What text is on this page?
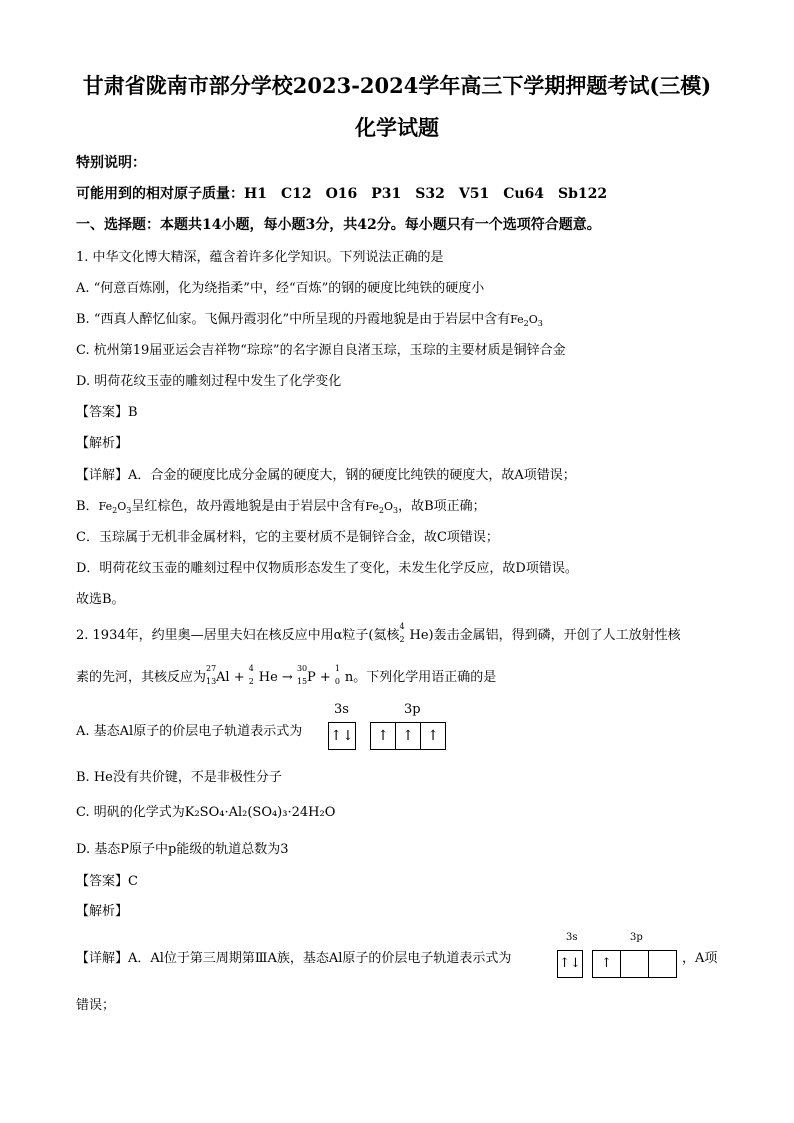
甘肃省陇南市部分学校2023-2024学年高三下学期押题考试(三模)
化学试题
特别说明：
可能用到的相对原子质量：H1　C12　O16　P31　S32　V51　Cu64　Sb122
一、选择题：本题共14小题，每小题3分，共42分。每小题只有一个选项符合题意。
1. 中华文化博大精深，蕴含着许多化学知识。下列说法正确的是
A. “何意百炼刚，化为绕指柔”中，经“百炼”的钢的硬度比纯铁的硬度小
B. “西真人醉忆仙家。飞佩丹霞羽化”中所呈现的丹霞地貌是由于岩层中含有$Fe_2O_3$
C. 杭州第19届亚运会吉祥物“琮琮”的名字源自良渚玉琮，玉琮的主要材质是铜锌合金
D. 明荷花纹玉壶的雕刻过程中发生了化学变化
【答案】B
【解析】
【详解】A．合金的硬度比成分金属的硬度大，钢的硬度比纯铁的硬度大，故A项错误；
B．$Fe_2O_3$呈红棕色，故丹霞地貌是由于岩层中含有$Fe_2O_3$，故B项正确；
C．玉琮属于无机非金属材料，它的主要材质不是铜锌合金，故C项错误；
D．明荷花纹玉壶的雕刻过程中仅物质形态发生了变化，未发生化学反应，故D项错误。
故选B。
2. 1934年，约里奥—居里夫妇在核反应中用α粒子(氦核
4
2 He)轰击金属铝，得到磷，开创了人工放射性核
素的先河，其核反应为
27
13 Al +
4
2 He →
30
15 P +
1
0 n。下列化学用语正确的是
A. 基态Al原子的价层电子轨道表示式为
3s	3p
↑↓	↑ ↑ ↑
B. He没有共价键，不是非极性分子
C. 明矾的化学式为K₂SO₄·Al₂(SO₄)₃·24H₂O
D. 基态P原子中p能级的轨道总数为3
【答案】C
【解析】
【详解】A．Al位于第三周期第ⅢA族，基态Al原子的价层电子轨道表示式为
3s	3p
↑↓	↑	，A项
错误；
